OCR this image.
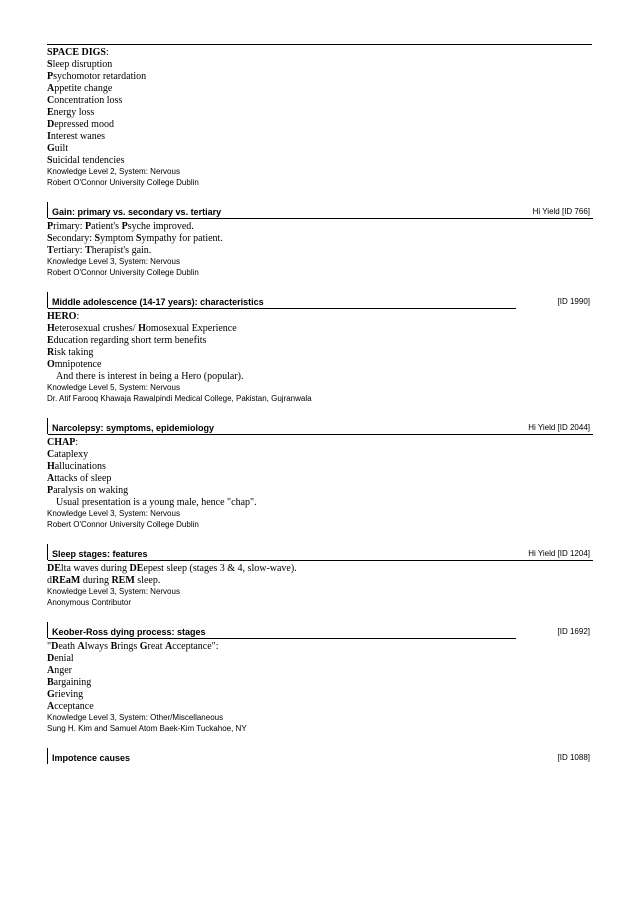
SPACE DIGS:
Sleep disruption
Psychomotor retardation
Appetite change
Concentration loss
Energy loss
Depressed mood
Interest wanes
Guilt
Suicidal tendencies
Knowledge Level 2, System: Nervous
Robert O'Connor University College Dublin
Gain: primary vs. secondary vs. tertiary	Hi Yield [ID 766]
Primary: Patient's Psyche improved.
Secondary: Symptom Sympathy for patient.
Tertiary: Therapist's gain.
Knowledge Level 3, System: Nervous
Robert O'Connor University College Dublin
Middle adolescence (14-17 years): characteristics	[ID 1990]
HERO:
Heterosexual crushes/ Homosexual Experience
Education regarding short term benefits
Risk taking
Omnipotence
And there is interest in being a Hero (popular).
Knowledge Level 5, System: Nervous
Dr. Atif Farooq Khawaja Rawalpindi Medical College, Pakistan, Gujranwala
Narcolepsy: symptoms, epidemiology	Hi Yield [ID 2044]
CHAP:
Cataplexy
Hallucinations
Attacks of sleep
Paralysis on waking
Usual presentation is a young male, hence "chap".
Knowledge Level 3, System: Nervous
Robert O'Connor University College Dublin
Sleep stages: features	Hi Yield [ID 1204]
DElta waves during DEepest sleep (stages 3 & 4, slow-wave).
dREaM during REM sleep.
Knowledge Level 3, System: Nervous
Anonymous Contributor
Keober-Ross dying process: stages	[ID 1692]
"Death Always Brings Great Acceptance":
Denial
Anger
Bargaining
Grieving
Acceptance
Knowledge Level 3, System: Other/Miscellaneous
Sung H. Kim and Samuel Atom Baek-Kim Tuckahoe, NY
Impotence causes	[ID 1088]
